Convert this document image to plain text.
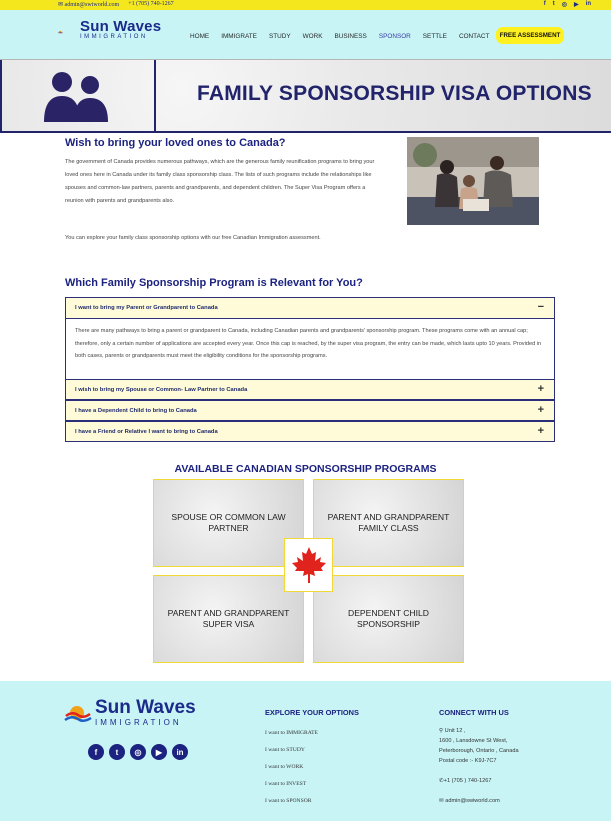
✉ admin@swiworld.com +1 (705) 740-1267	f t ◎ ▶ in
Sun Waves
IMMIGRATION	HOME IMMIGRATE STUDY WORK BUSINESS SPONSOR SETTLE CONTACT	FREE ASSESSMENT
FAMILY SPONSORSHIP VISA OPTIONS
Wish to bring your loved ones to Canada?
The government of Canada provides numerous pathways, which are the generous family reunification programs to bring your loved ones here in Canada under its family class sponsorship class. The lists of such programs include the relationships like spouses and common-law partners, parents and grandparents, and dependent children. The Super Visa Program offers a reunion with parents and grandparents also.
You can explore your family class sponsorship options with our free Canadian Immigration assessment.
Which Family Sponsorship Program is Relevant for You?
I want to bring my Parent or Grandparent to Canada	−
There are many pathways to bring a parent or grandparent to Canada, including Canadian parents and grandparents' sponsorship program. These programs come with an annual cap; therefore, only a certain number of applications are accepted every year. Once this cap is reached, by the super visa program, the entry can be made, which lasts upto 10 years. Provided in both cases, parents or grandparents must meet the eligibility conditions for the sponsorship programs.
I wish to bring my Spouse or Common- Law Partner to Canada	+
I have a Dependent Child to bring to Canada	+
I have a Friend or Relative I want to bring to Canada	+
AVAILABLE CANADIAN SPONSORSHIP PROGRAMS
SPOUSE OR COMMON LAW PARTNER
PARENT AND GRANDPARENT FAMILY CLASS
PARENT AND GRANDPARENT SUPER VISA
DEPENDENT CHILD SPONSORSHIP
Sun Waves
IMMIGRATION
f	t	◎	▶	in
EXPLORE YOUR OPTIONS
I want to IMMIGRATE
I want to STUDY
I want to WORK
I want to INVEST
I want to SPONSOR
CONNECT WITH US
⚲ Unit 12 ,
1600 , Lansdowne St West,
Peterborough, Ontario , Canada
Postal code :- K9J-7C7
✆+1 (705 ) 740-1267
✉ admin@swiworld.com
